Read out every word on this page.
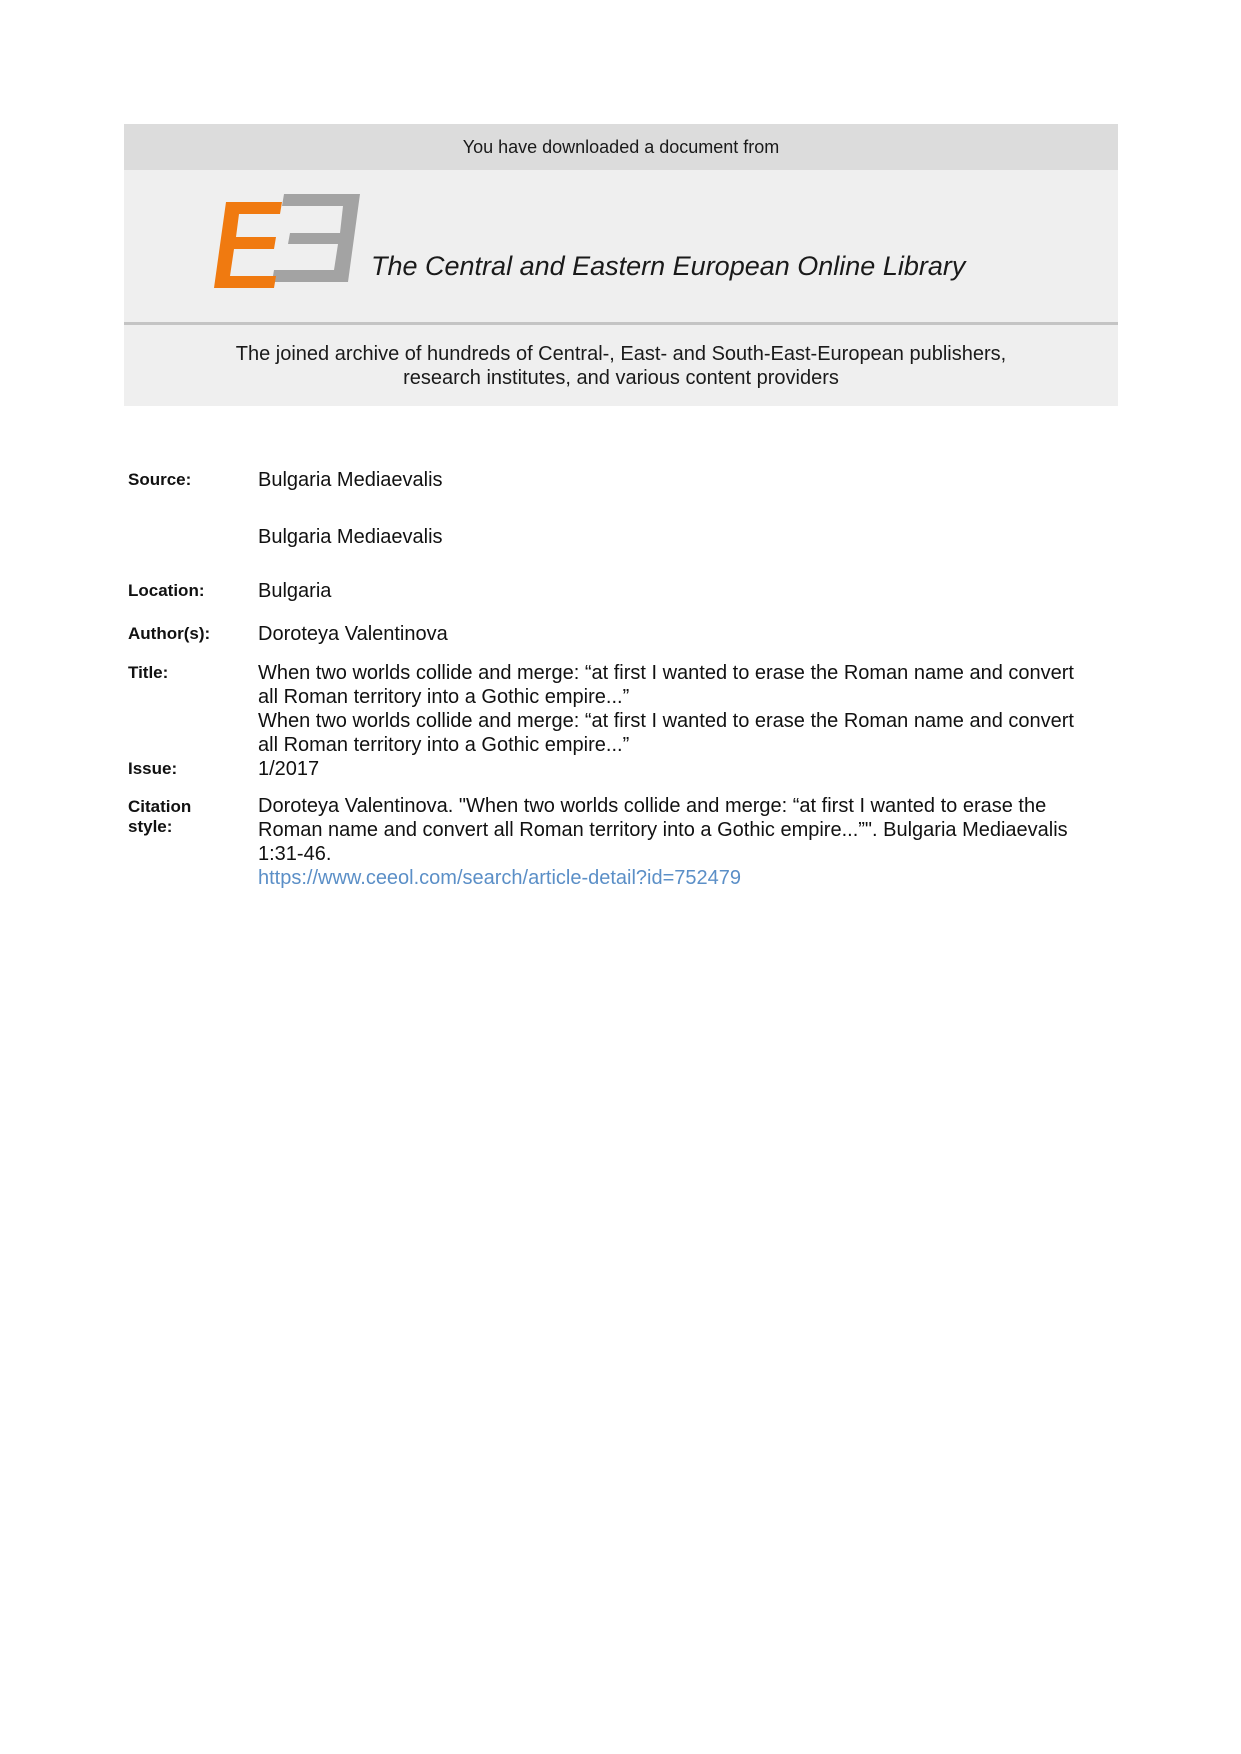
You have downloaded a document from
The Central and Eastern European Online Library
The joined archive of hundreds of Central-, East- and South-East-European publishers,
research institutes, and various content providers
Source:	Bulgaria Mediaevalis
Bulgaria Mediaevalis
Location:	Bulgaria
Author(s): Doroteya Valentinova
Title:	When two worlds collide and merge: “at first I wanted to erase the Roman name and convert
all Roman territory into a Gothic empire...”
When two worlds collide and merge: “at first I wanted to erase the Roman name and convert
all Roman territory into a Gothic empire...”
Issue:	1/2017
Citation
style:
Doroteya Valentinova. "When two worlds collide and merge: “at first I wanted to erase the
Roman name and convert all Roman territory into a Gothic empire...”". Bulgaria Mediaevalis
1:31-46.
https://www.ceeol.com/search/article-detail?id=752479
